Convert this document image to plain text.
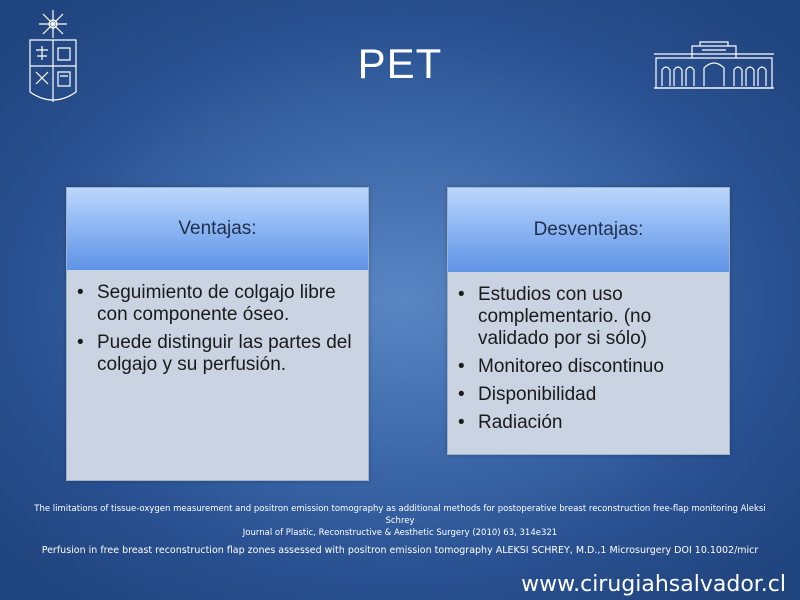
PET
Ventajas:
• Seguimiento de colgajo libre con componente óseo.
• Puede distinguir las partes del colgajo y su perfusión.
Desventajas:
• Estudios con uso complementario. (no validado por si sólo)
• Monitoreo discontinuo
• Disponibilidad
• Radiación
The limitations of tissue-oxygen measurement and positron emission tomography as additional methods for postoperative breast reconstruction free-flap monitoring Aleksi Schrey
Journal of Plastic, Reconstructive & Aesthetic Surgery (2010) 63, 314e321
Perfusion in free breast reconstruction flap zones assessed with positron emission tomography ALEKSI SCHREY, M.D.,1 Microsurgery DOI 10.1002/micr
www.cirugiahsalvador.cl
